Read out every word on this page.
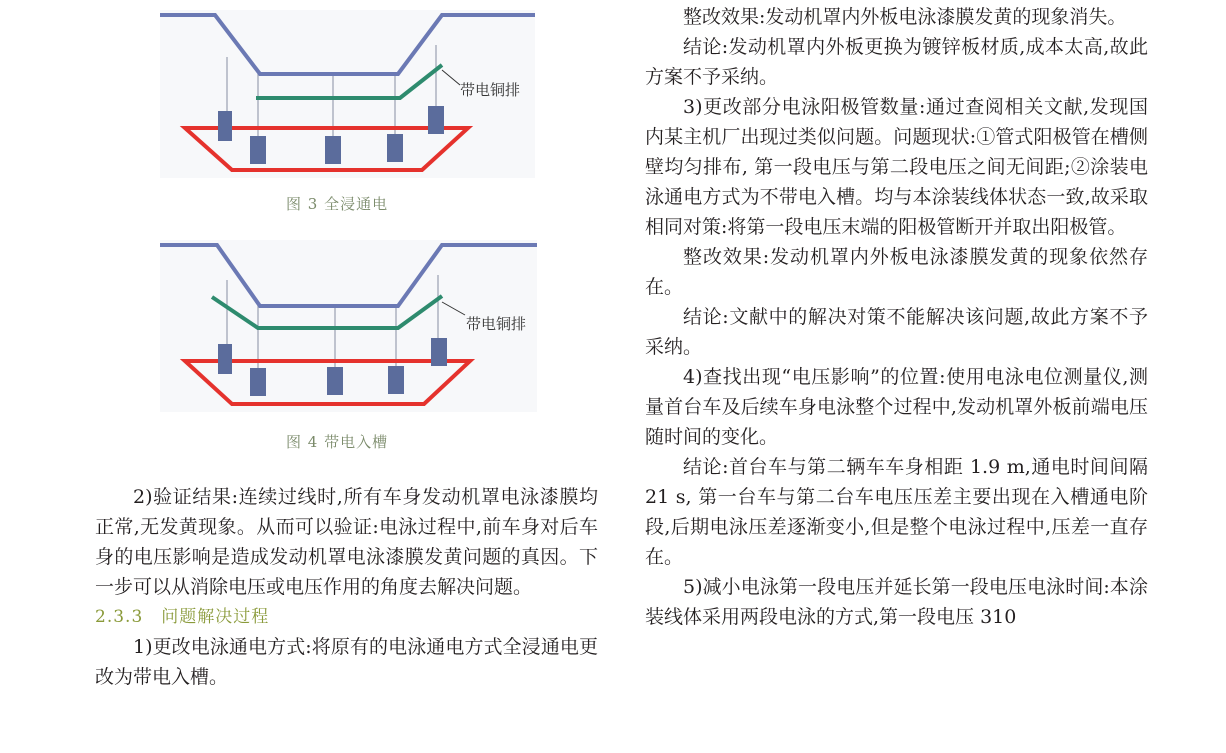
带电铜排
图 3 全浸通电
带电铜排
图 4 带电入槽

2)验证结果:连续过线时,所有车身发动机罩电泳漆膜均正常,无发黄现象。从而可以验证:电泳过程中,前车身对后车身的电压影响是造成发动机罩电泳漆膜发黄问题的真因。下一步可以从消除电压或电压作用的角度去解决问题。

2.3.3 问题解决过程

1)更改电泳通电方式:将原有的电泳通电方式全浸通电更改为带电入槽。

整改效果:发动机罩内外板电泳漆膜发黄的现象消失。

结论:发动机罩内外板更换为镀锌板材质,成本太高,故此方案不予采纳。

3)更改部分电泳阳极管数量:通过查阅相关文献,发现国内某主机厂出现过类似问题。问题现状:①管式阳极管在槽侧壁均匀排布, 第一段电压与第二段电压之间无间距;②涂装电泳通电方式为不带电入槽。均与本涂装线体状态一致,故采取相同对策:将第一段电压末端的阳极管断开并取出阳极管。

整改效果:发动机罩内外板电泳漆膜发黄的现象依然存在。

结论:文献中的解决对策不能解决该问题,故此方案不予采纳。

4)查找出现“电压影响”的位置:使用电泳电位测量仪,测量首台车及后续车身电泳整个过程中,发动机罩外板前端电压随时间的变化。

结论:首台车与第二辆车车身相距 1.9 m,通电时间间隔 21 s, 第一台车与第二台车电压压差主要出现在入槽通电阶段,后期电泳压差逐渐变小,但是整个电泳过程中,压差一直存在。

5)减小电泳第一段电压并延长第一段电压电泳时间:本涂装线体采用两段电泳的方式,第一段电压 310
